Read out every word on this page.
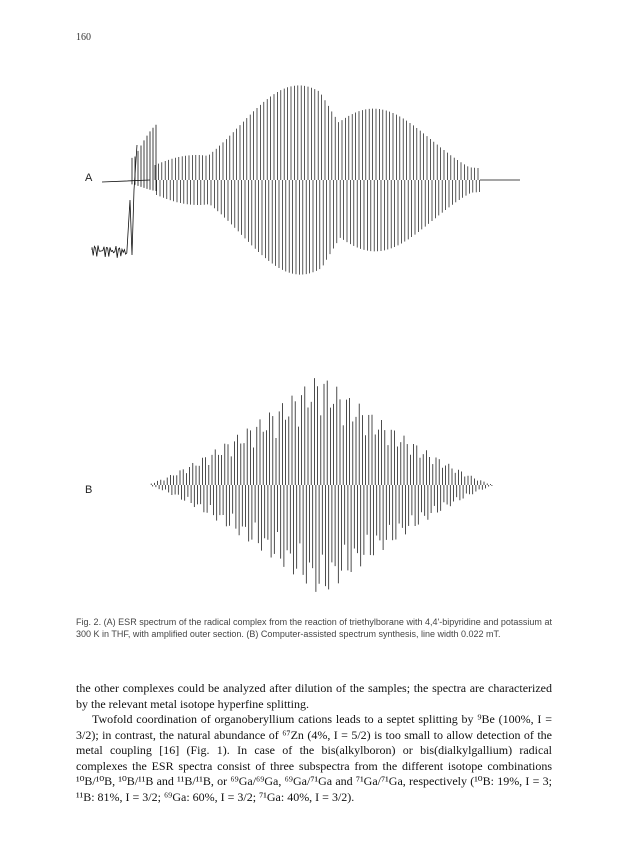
160
A
B
Fig. 2. (A) ESR spectrum of the radical complex from the reaction of triethylborane with 4,4'-bipyridine and potassium at 300 K in THF, with amplified outer section. (B) Computer-assisted spectrum synthesis, line width 0.022 mT.

the other complexes could be analyzed after dilution of the samples; the spectra are characterized by the relevant metal isotope hyperfine splitting.

Twofold coordination of organoberyllium cations leads to a septet splitting by ⁹Be (100%, I = 3/2); in contrast, the natural abundance of ⁶⁷Zn (4%, I = 5/2) is too small to allow detection of the metal coupling [16] (Fig. 1). In case of the bis(alkylboron) or bis(dialkylgallium) radical complexes the ESR spectra consist of three subspectra from the different isotope combinations ¹⁰B/¹⁰B, ¹⁰B/¹¹B and ¹¹B/¹¹B, or ⁶⁹Ga/⁶⁹Ga, ⁶⁹Ga/⁷¹Ga and ⁷¹Ga/⁷¹Ga, respectively (¹⁰B: 19%, I = 3; ¹¹B: 81%, I = 3/2; ⁶⁹Ga: 60%, I = 3/2; ⁷¹Ga: 40%, I = 3/2).
